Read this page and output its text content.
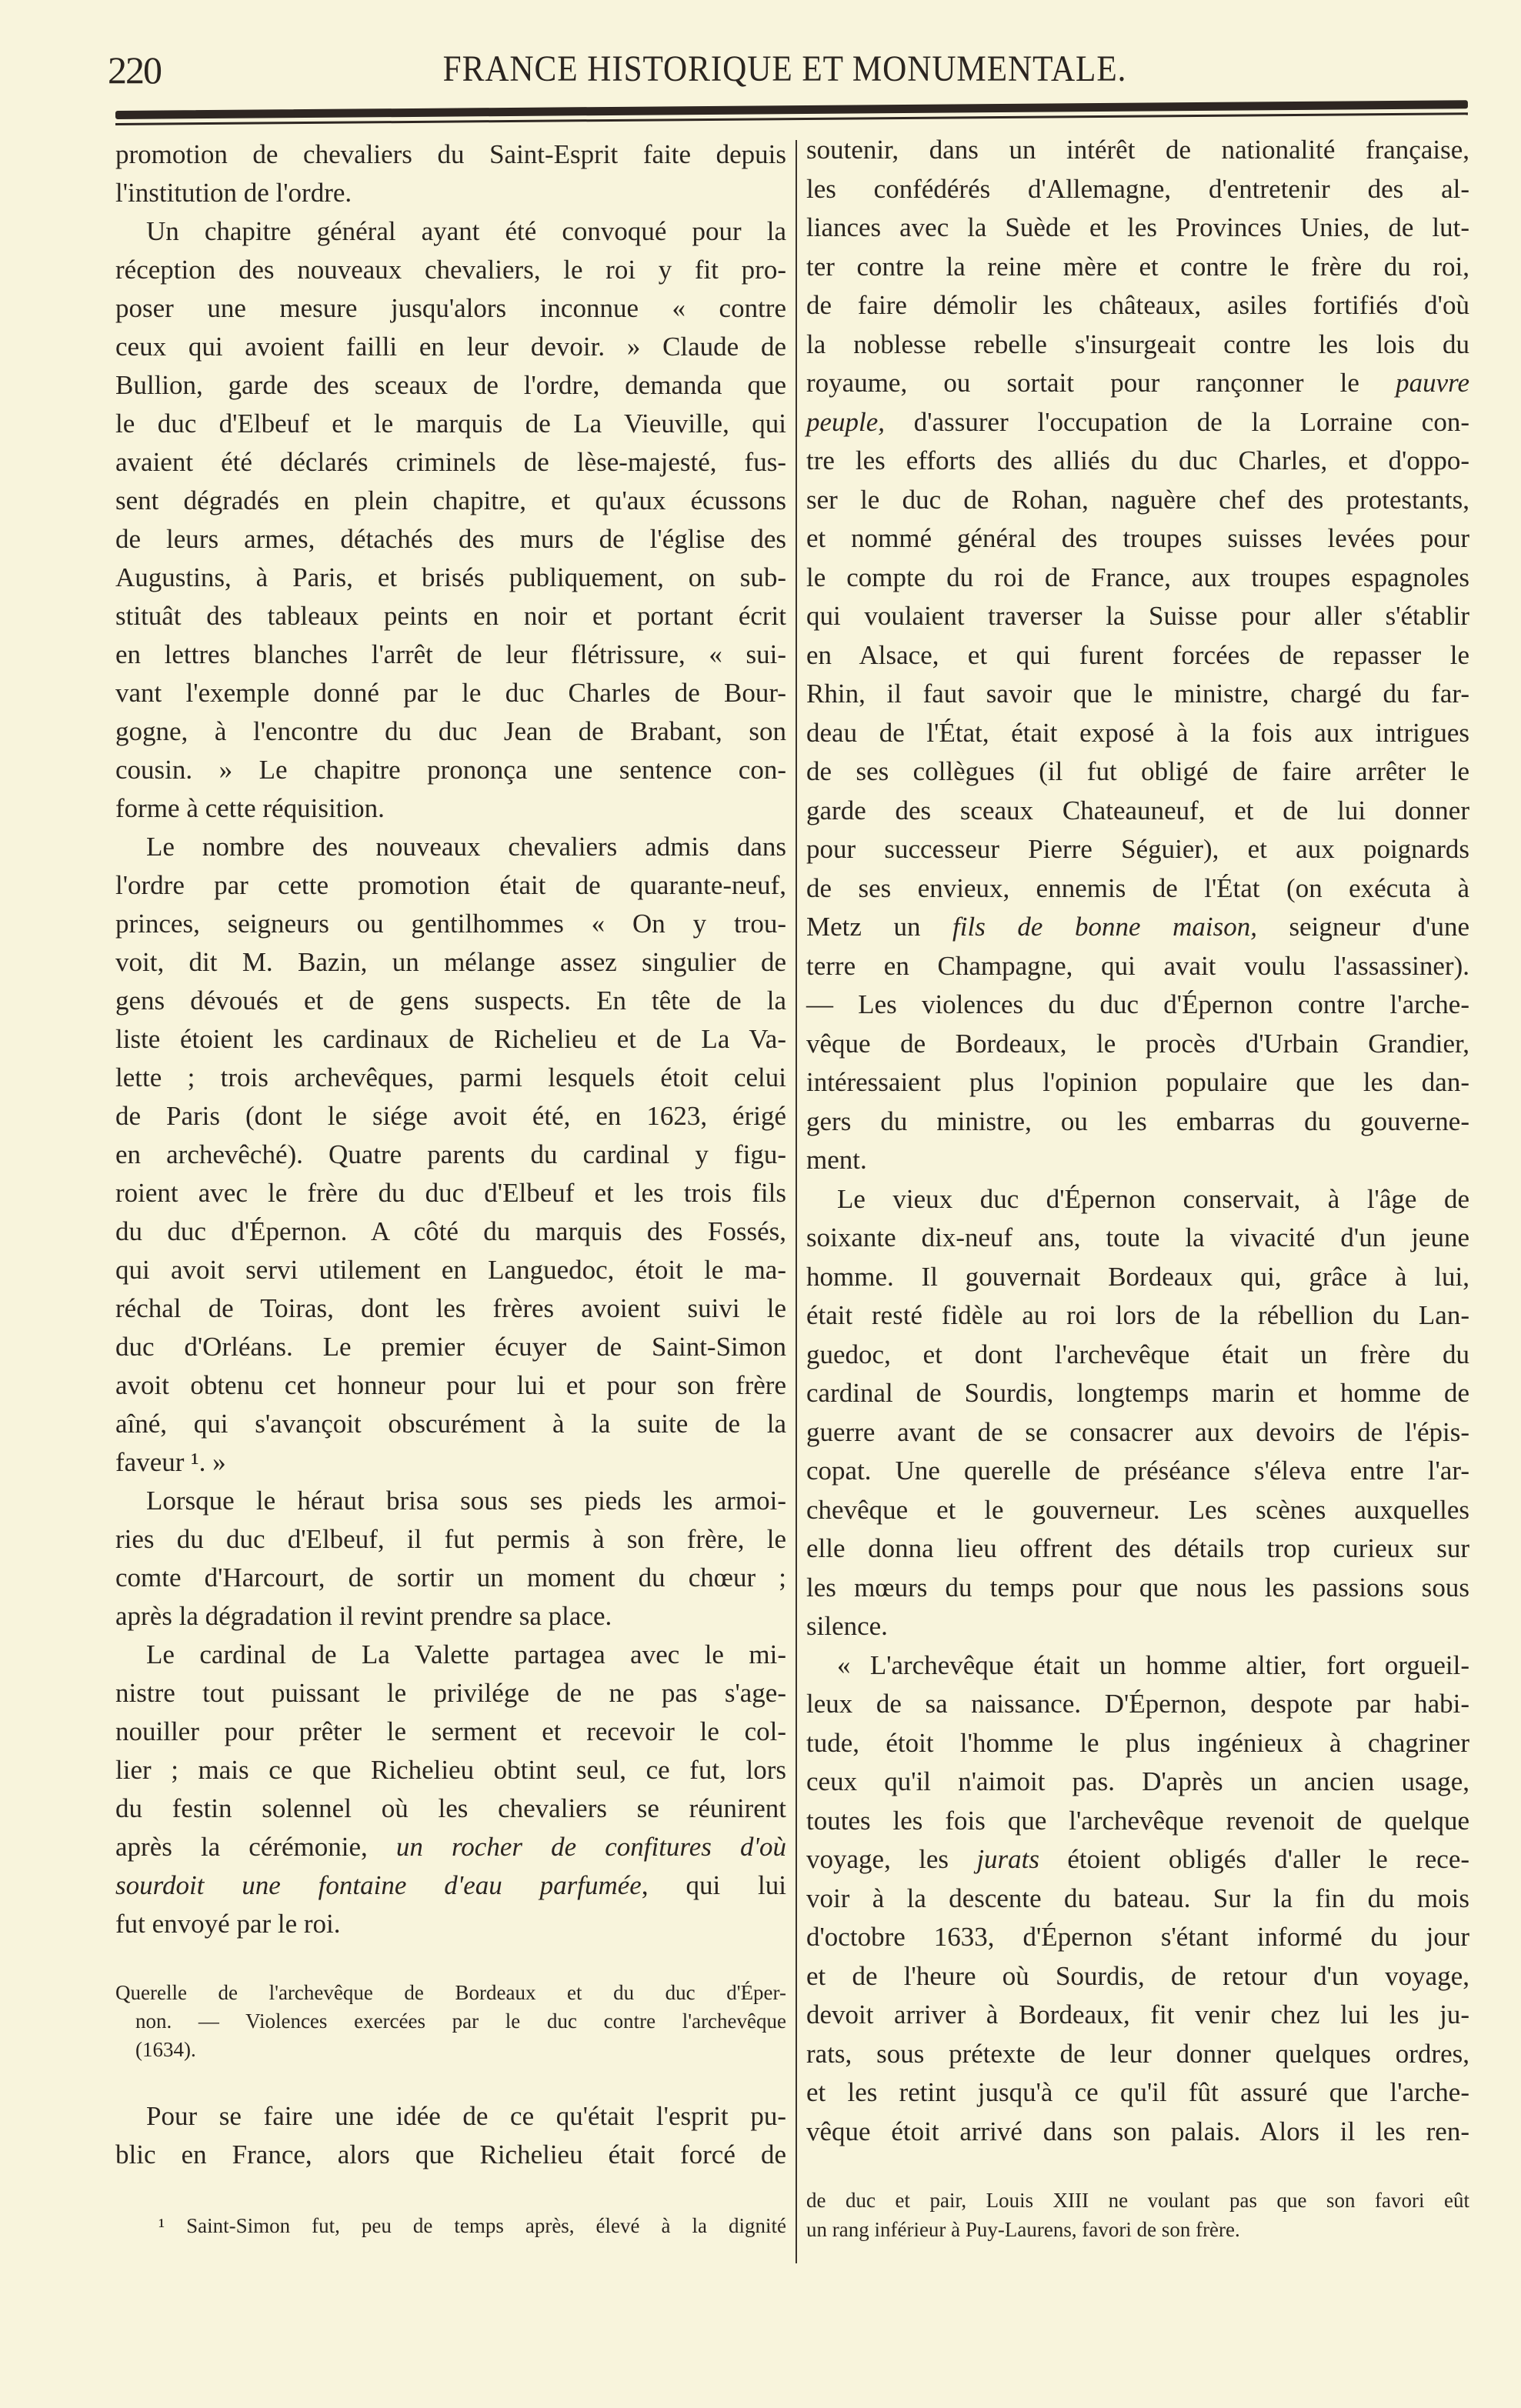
220	FRANCE HISTORIQUE ET MONUMENTALE.
promotion de chevaliers du Saint-Esprit faite depuis
l'institution de l'ordre.
Un chapitre général ayant été convoqué pour la
réception des nouveaux chevaliers, le roi y fit pro-
poser une mesure jusqu'alors inconnue « contre
ceux qui avoient failli en leur devoir. » Claude de
Bullion, garde des sceaux de l'ordre, demanda que
le duc d'Elbeuf et le marquis de La Vieuville, qui
avaient été déclarés criminels de lèse-majesté, fus-
sent dégradés en plein chapitre, et qu'aux écussons
de leurs armes, détachés des murs de l'église des
Augustins, à Paris, et brisés publiquement, on sub-
stituât des tableaux peints en noir et portant écrit
en lettres blanches l'arrêt de leur flétrissure, « sui-
vant l'exemple donné par le duc Charles de Bour-
gogne, à l'encontre du duc Jean de Brabant, son
cousin. » Le chapitre prononça une sentence con-
forme à cette réquisition.
Le nombre des nouveaux chevaliers admis dans
l'ordre par cette promotion était de quarante-neuf,
princes, seigneurs ou gentilhommes « On y trou-
voit, dit M. Bazin, un mélange assez singulier de
gens dévoués et de gens suspects. En tête de la
liste étoient les cardinaux de Richelieu et de La Va-
lette ; trois archevêques, parmi lesquels étoit celui
de Paris (dont le siége avoit été, en 1623, érigé
en archevêché). Quatre parents du cardinal y figu-
roient avec le frère du duc d'Elbeuf et les trois fils
du duc d'Épernon. A côté du marquis des Fossés,
qui avoit servi utilement en Languedoc, étoit le ma-
réchal de Toiras, dont les frères avoient suivi le
duc d'Orléans. Le premier écuyer de Saint-Simon
avoit obtenu cet honneur pour lui et pour son frère
aîné, qui s'avançoit obscurément à la suite de la
faveur ¹. »
Lorsque le héraut brisa sous ses pieds les armoi-
ries du duc d'Elbeuf, il fut permis à son frère, le
comte d'Harcourt, de sortir un moment du chœur ;
après la dégradation il revint prendre sa place.
Le cardinal de La Valette partagea avec le mi-
nistre tout puissant le privilége de ne pas s'age-
nouiller pour prêter le serment et recevoir le col-
lier ; mais ce que Richelieu obtint seul, ce fut, lors
du festin solennel où les chevaliers se réunirent
après la cérémonie, un rocher de confitures d'où
sourdoit une fontaine d'eau parfumée, qui lui
fut envoyé par le roi.
Querelle de l'archevêque de Bordeaux et du duc d'Éper-
non. — Violences exercées par le duc contre l'archevêque
(1634).
Pour se faire une idée de ce qu'était l'esprit pu-
blic en France, alors que Richelieu était forcé de
¹ Saint-Simon fut, peu de temps après, élevé à la dignité
soutenir, dans un intérêt de nationalité française,
les confédérés d'Allemagne, d'entretenir des al-
liances avec la Suède et les Provinces Unies, de lut-
ter contre la reine mère et contre le frère du roi,
de faire démolir les châteaux, asiles fortifiés d'où
la noblesse rebelle s'insurgeait contre les lois du
royaume, ou sortait pour rançonner le pauvre
peuple, d'assurer l'occupation de la Lorraine con-
tre les efforts des alliés du duc Charles, et d'oppo-
ser le duc de Rohan, naguère chef des protestants,
et nommé général des troupes suisses levées pour
le compte du roi de France, aux troupes espagnoles
qui voulaient traverser la Suisse pour aller s'établir
en Alsace, et qui furent forcées de repasser le
Rhin, il faut savoir que le ministre, chargé du far-
deau de l'État, était exposé à la fois aux intrigues
de ses collègues (il fut obligé de faire arrêter le
garde des sceaux Chateauneuf, et de lui donner
pour successeur Pierre Séguier), et aux poignards
de ses envieux, ennemis de l'État (on exécuta à
Metz un fils de bonne maison, seigneur d'une
terre en Champagne, qui avait voulu l'assassiner).
— Les violences du duc d'Épernon contre l'arche-
vêque de Bordeaux, le procès d'Urbain Grandier,
intéressaient plus l'opinion populaire que les dan-
gers du ministre, ou les embarras du gouverne-
ment.
Le vieux duc d'Épernon conservait, à l'âge de
soixante dix-neuf ans, toute la vivacité d'un jeune
homme. Il gouvernait Bordeaux qui, grâce à lui,
était resté fidèle au roi lors de la rébellion du Lan-
guedoc, et dont l'archevêque était un frère du
cardinal de Sourdis, longtemps marin et homme de
guerre avant de se consacrer aux devoirs de l'épis-
copat. Une querelle de préséance s'éleva entre l'ar-
chevêque et le gouverneur. Les scènes auxquelles
elle donna lieu offrent des détails trop curieux sur
les mœurs du temps pour que nous les passions sous
silence.
« L'archevêque était un homme altier, fort orgueil-
leux de sa naissance. D'Épernon, despote par habi-
tude, étoit l'homme le plus ingénieux à chagriner
ceux qu'il n'aimoit pas. D'après un ancien usage,
toutes les fois que l'archevêque revenoit de quelque
voyage, les jurats étoient obligés d'aller le rece-
voir à la descente du bateau. Sur la fin du mois
d'octobre 1633, d'Épernon s'étant informé du jour
et de l'heure où Sourdis, de retour d'un voyage,
devoit arriver à Bordeaux, fit venir chez lui les ju-
rats, sous prétexte de leur donner quelques ordres,
et les retint jusqu'à ce qu'il fût assuré que l'arche-
vêque étoit arrivé dans son palais. Alors il les ren-
de duc et pair, Louis XIII ne voulant pas que son favori eût
un rang inférieur à Puy-Laurens, favori de son frère.
